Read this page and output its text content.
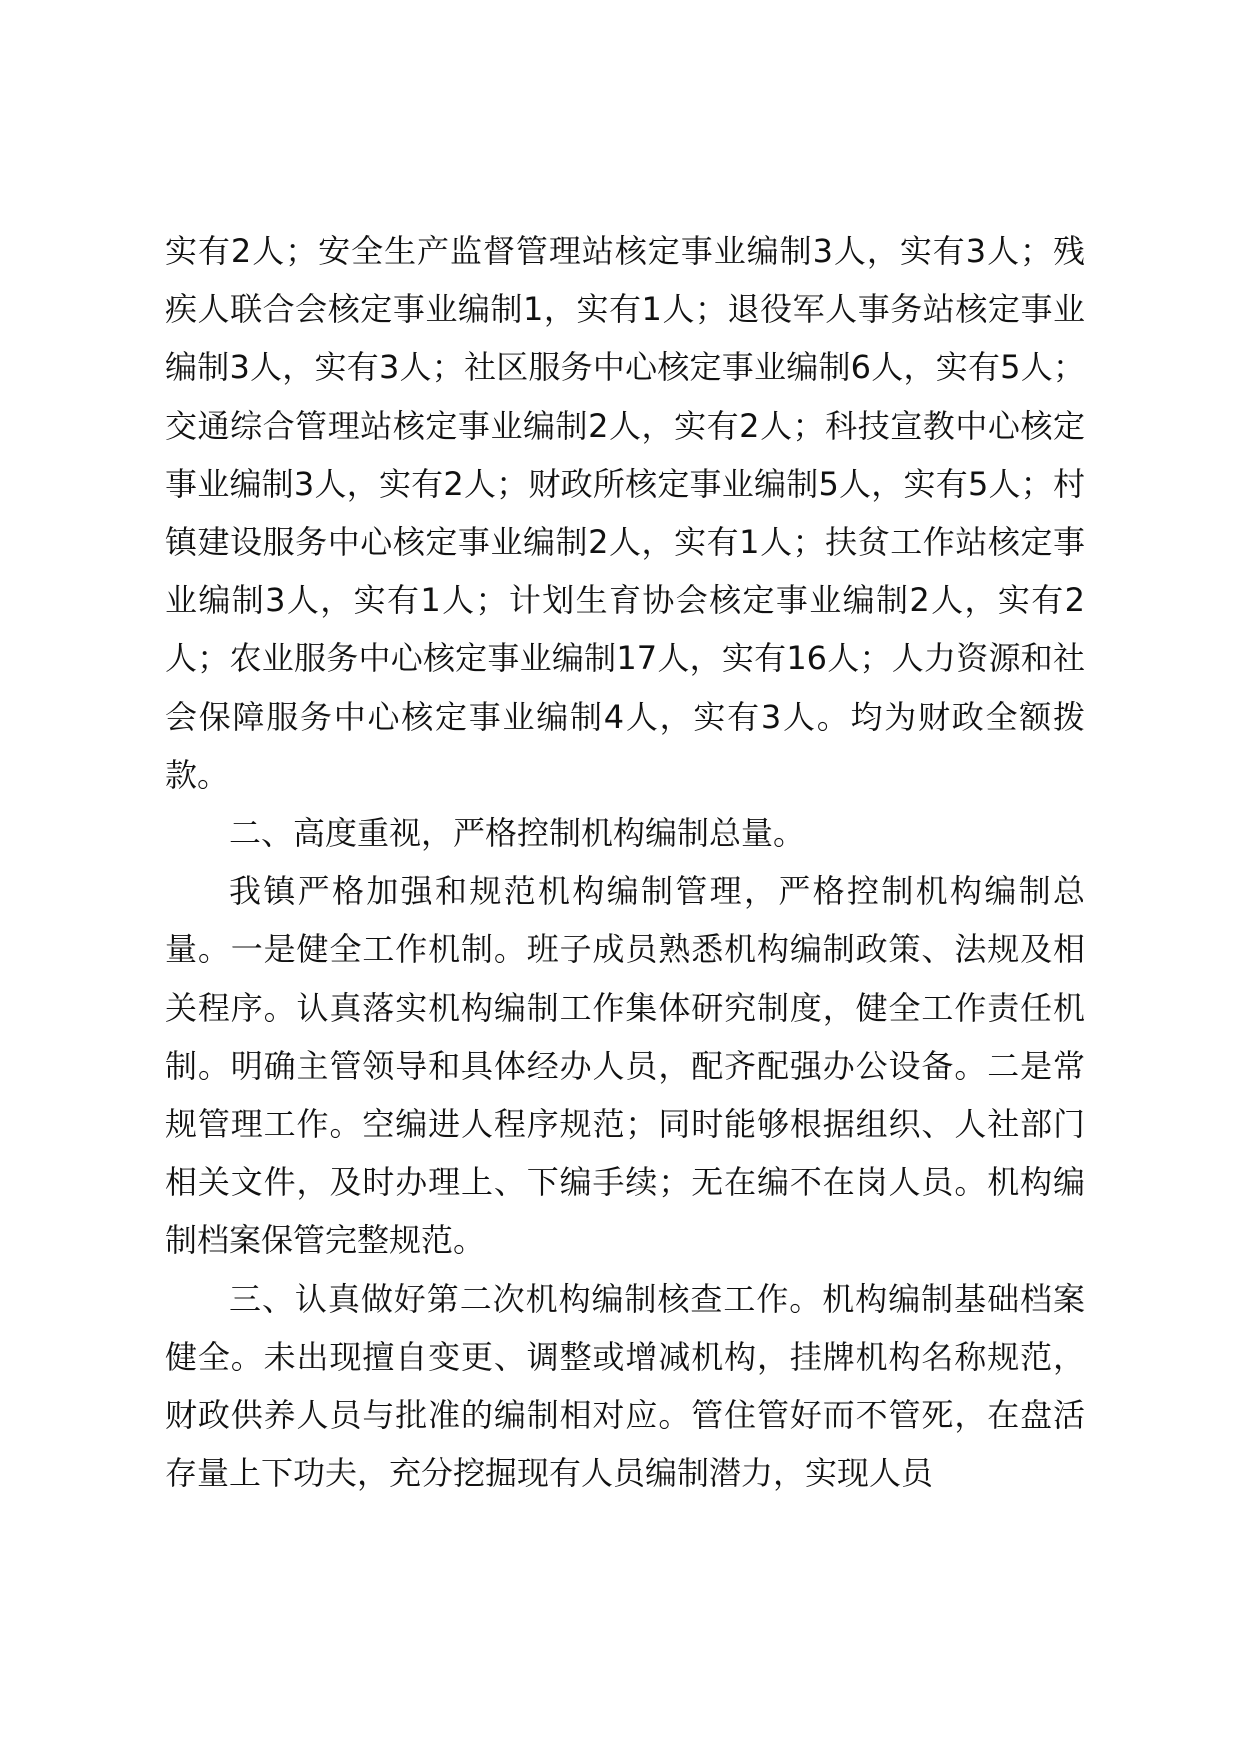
实有2人；安全生产监督管理站核定事业编制3人，实有3人；残疾人联合会核定事业编制1，实有1人；退役军人事务站核定事业编制3人，实有3人；社区服务中心核定事业编制6人，实有5人；交通综合管理站核定事业编制2人，实有2人；科技宣教中心核定事业编制3人，实有2人；财政所核定事业编制5人，实有5人；村镇建设服务中心核定事业编制2人，实有1人；扶贫工作站核定事业编制3人，实有1人；计划生育协会核定事业编制2人，实有2人；农业服务中心核定事业编制17人，实有16人；人力资源和社会保障服务中心核定事业编制4人，实有3人。均为财政全额拨款。

二、高度重视，严格控制机构编制总量。

我镇严格加强和规范机构编制管理，严格控制机构编制总量。一是健全工作机制。班子成员熟悉机构编制政策、法规及相关程序。认真落实机构编制工作集体研究制度，健全工作责任机制。明确主管领导和具体经办人员，配齐配强办公设备。二是常规管理工作。空编进人程序规范；同时能够根据组织、人社部门相关文件，及时办理上、下编手续；无在编不在岗人员。机构编制档案保管完整规范。

三、认真做好第二次机构编制核查工作。机构编制基础档案健全。未出现擅自变更、调整或增减机构，挂牌机构名称规范，财政供养人员与批准的编制相对应。管住管好而不管死，在盘活存量上下功夫，充分挖掘现有人员编制潜力，实现人员
